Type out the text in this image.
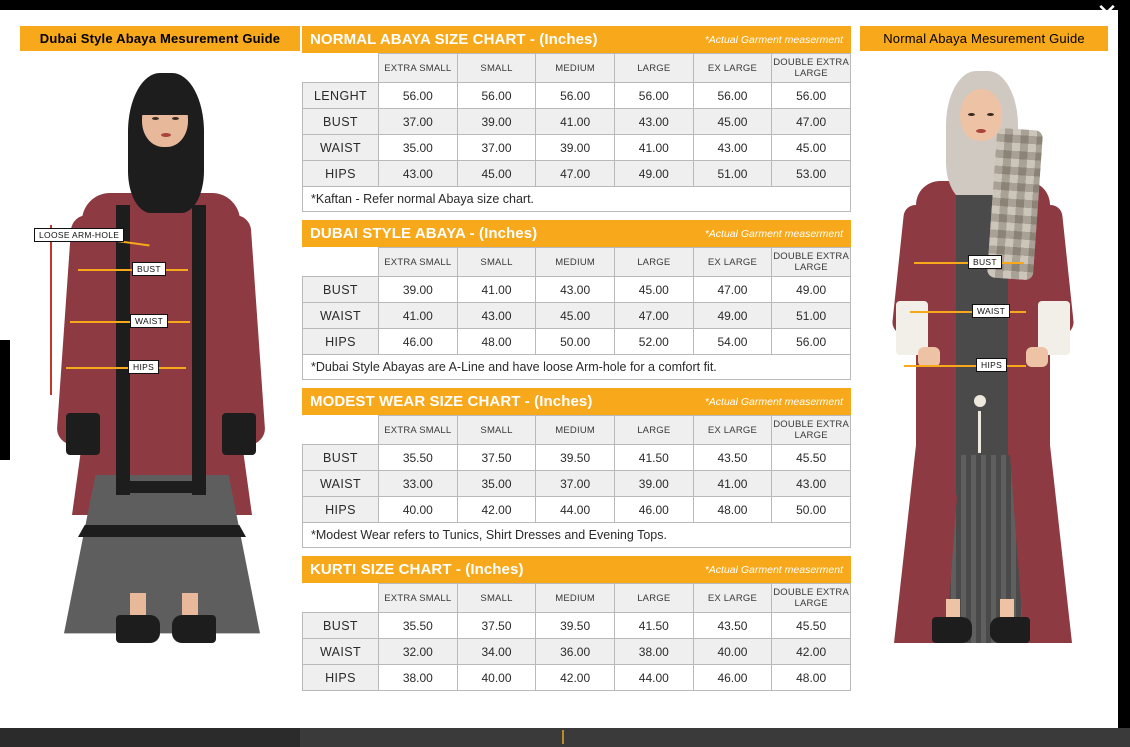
✕
Dubai Style Abaya Mesurement Guide
LOOSE ARM-HOLE
BUST
WAIST
HIPS
NORMAL ABAYA SIZE CHART - (Inches)	*Actual Garment measerment
	EXTRA SMALL	SMALL	MEDIUM	LARGE	EX LARGE	DOUBLE EXTRA LARGE
LENGHT	56.00	56.00	56.00	56.00	56.00	56.00
BUST	37.00	39.00	41.00	43.00	45.00	47.00
WAIST	35.00	37.00	39.00	41.00	43.00	45.00
HIPS	43.00	45.00	47.00	49.00	51.00	53.00
*Kaftan - Refer normal Abaya size chart.
DUBAI STYLE ABAYA - (Inches)	*Actual Garment measerment
	EXTRA SMALL	SMALL	MEDIUM	LARGE	EX LARGE	DOUBLE EXTRA LARGE
BUST	39.00	41.00	43.00	45.00	47.00	49.00
WAIST	41.00	43.00	45.00	47.00	49.00	51.00
HIPS	46.00	48.00	50.00	52.00	54.00	56.00
*Dubai Style Abayas are A-Line and have loose Arm-hole for a comfort fit.
MODEST WEAR SIZE CHART - (Inches)	*Actual Garment measerment
	EXTRA SMALL	SMALL	MEDIUM	LARGE	EX LARGE	DOUBLE EXTRA LARGE
BUST	35.50	37.50	39.50	41.50	43.50	45.50
WAIST	33.00	35.00	37.00	39.00	41.00	43.00
HIPS	40.00	42.00	44.00	46.00	48.00	50.00
*Modest Wear refers to Tunics, Shirt Dresses and Evening Tops.
KURTI SIZE CHART - (Inches)	*Actual Garment measerment
	EXTRA SMALL	SMALL	MEDIUM	LARGE	EX LARGE	DOUBLE EXTRA LARGE
BUST	35.50	37.50	39.50	41.50	43.50	45.50
WAIST	32.00	34.00	36.00	38.00	40.00	42.00
HIPS	38.00	40.00	42.00	44.00	46.00	48.00
Normal Abaya Mesurement Guide
BUST
WAIST
HIPS
